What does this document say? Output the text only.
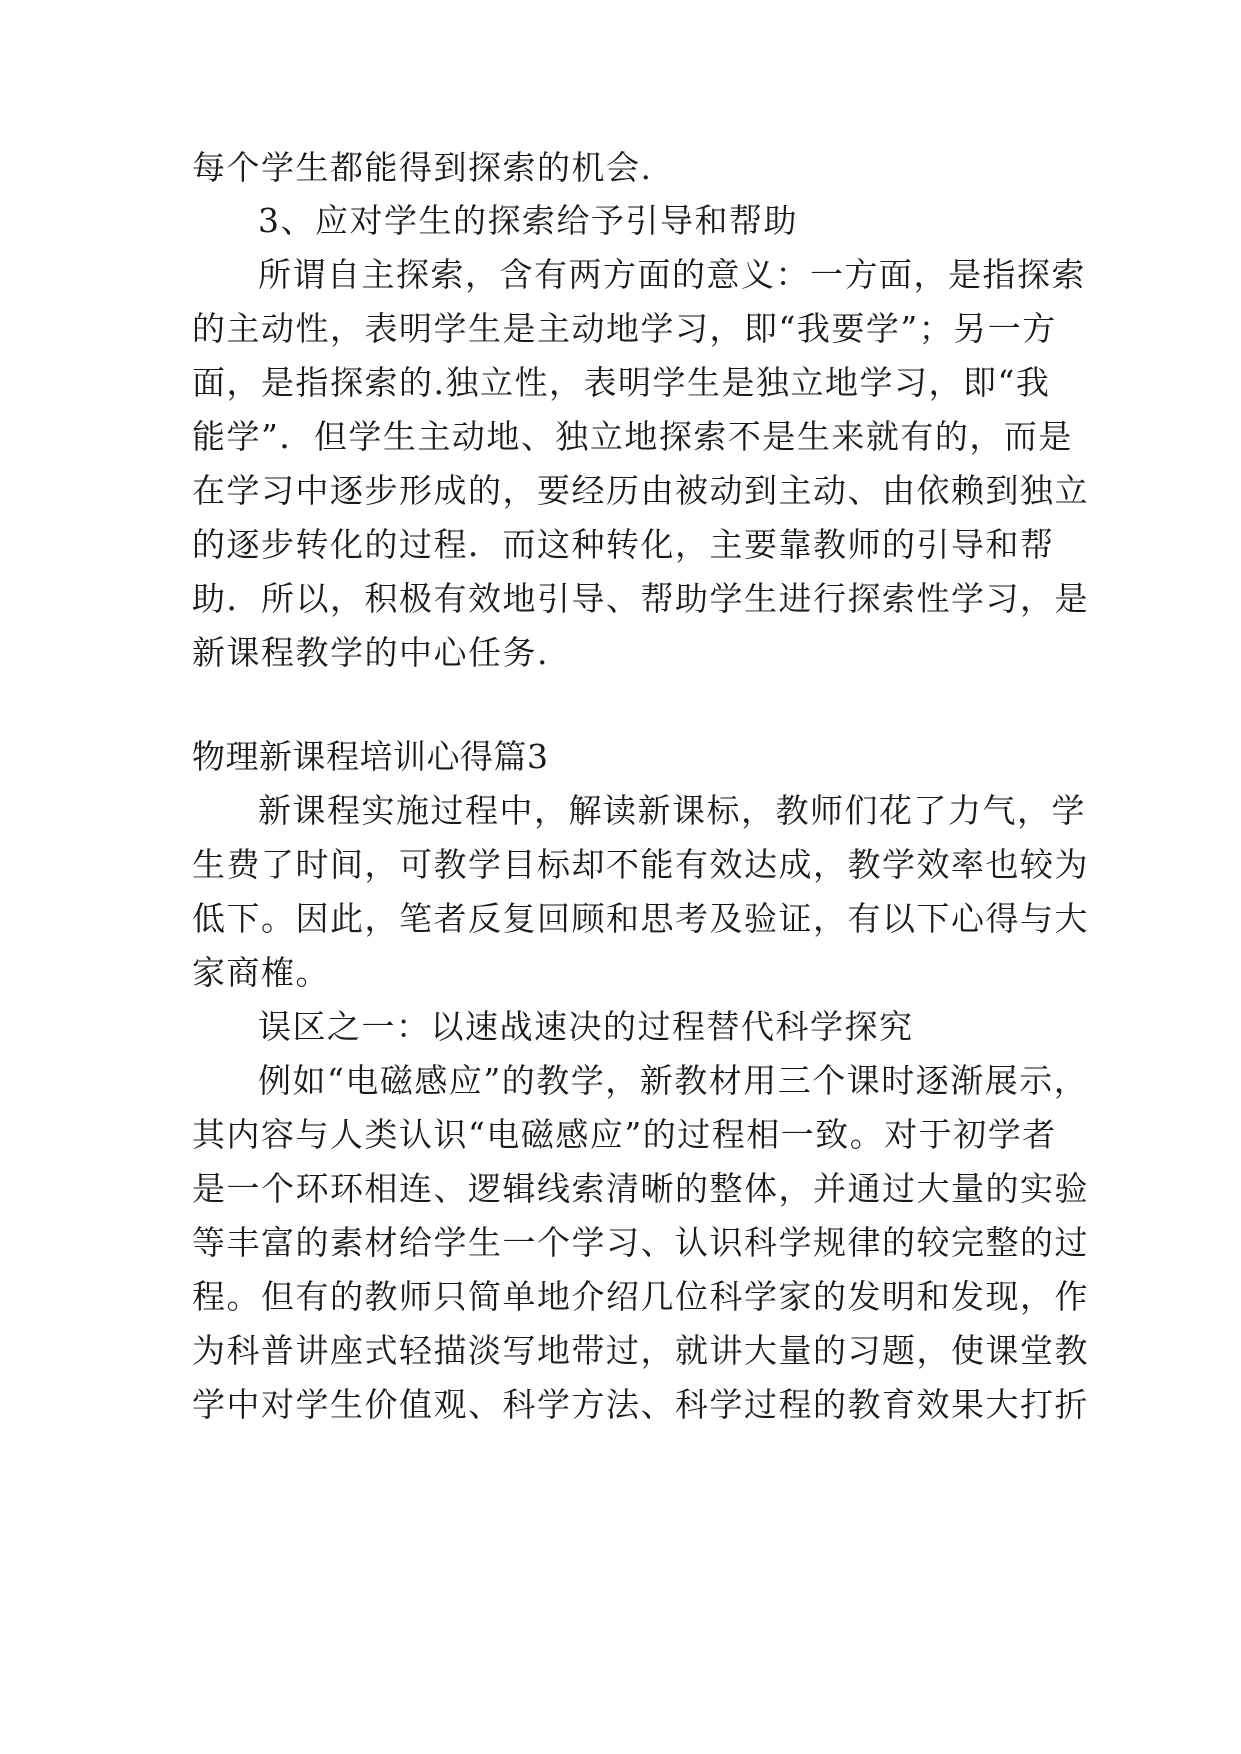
每个学生都能得到探索的机会.
3、应对学生的探索给予引导和帮助
所谓自主探索，含有两方面的意义：一方面，是指探索
的主动性，表明学生是主动地学习，即“我要学”；另一方
面，是指探索的.独立性，表明学生是独立地学习，即“我
能学”．但学生主动地、独立地探索不是生来就有的，而是
在学习中逐步形成的，要经历由被动到主动、由依赖到独立
的逐步转化的过程．而这种转化，主要靠教师的引导和帮
助．所以，积极有效地引导、帮助学生进行探索性学习，是
新课程教学的中心任务.
物理新课程培训心得篇3
新课程实施过程中，解读新课标，教师们花了力气，学
生费了时间，可教学目标却不能有效达成，教学效率也较为
低下。因此，笔者反复回顾和思考及验证，有以下心得与大
家商榷。
误区之一：以速战速决的过程替代科学探究
例如“电磁感应”的教学，新教材用三个课时逐渐展示，
其内容与人类认识“电磁感应”的过程相一致。对于初学者
是一个环环相连、逻辑线索清晰的整体，并通过大量的实验
等丰富的素材给学生一个学习、认识科学规律的较完整的过
程。但有的教师只简单地介绍几位科学家的发明和发现，作
为科普讲座式轻描淡写地带过，就讲大量的习题，使课堂教
学中对学生价值观、科学方法、科学过程的教育效果大打折
